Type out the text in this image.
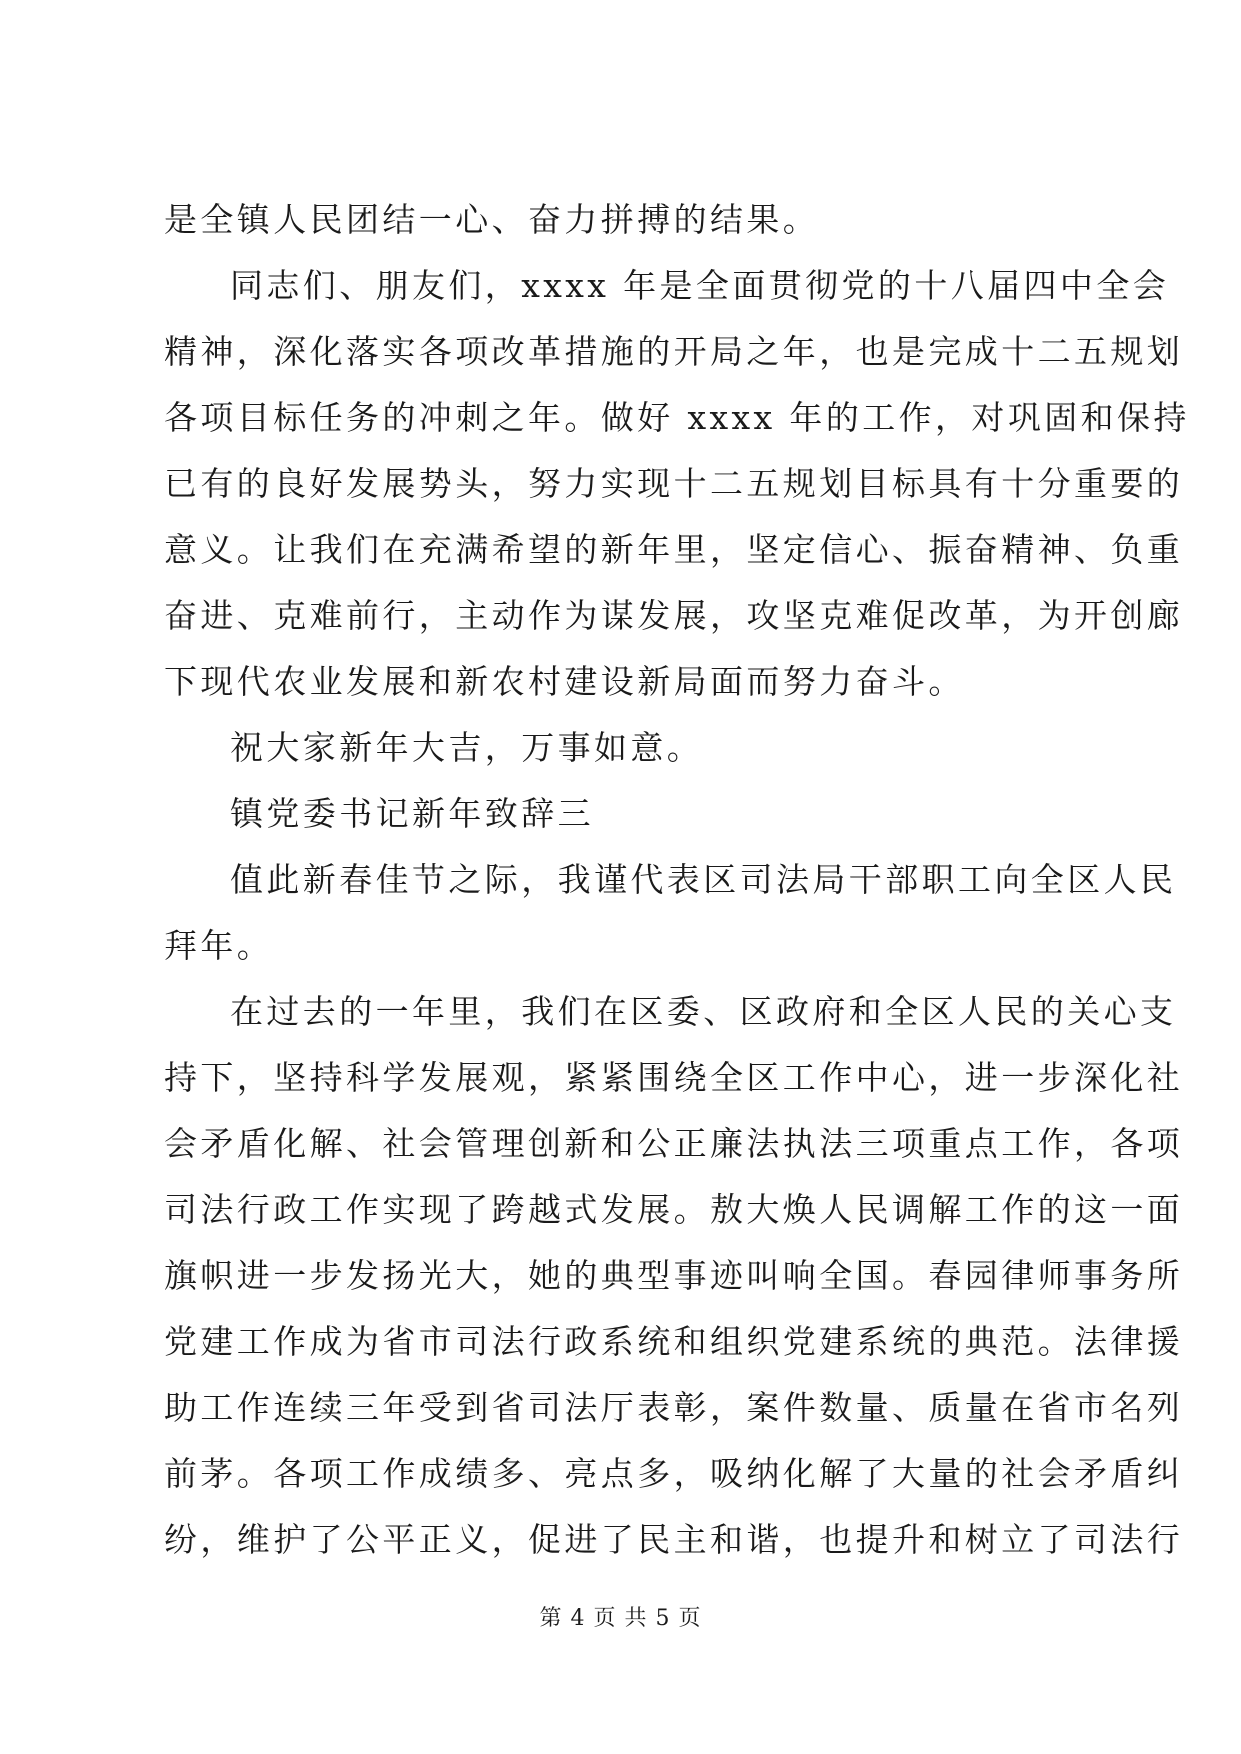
是全镇人民团结一心、奋力拼搏的结果。
同志们、朋友们，xxxx 年是全面贯彻党的十八届四中全会
精神，深化落实各项改革措施的开局之年，也是完成十二五规划
各项目标任务的冲刺之年。做好 xxxx 年的工作，对巩固和保持
已有的良好发展势头，努力实现十二五规划目标具有十分重要的
意义。让我们在充满希望的新年里，坚定信心、振奋精神、负重
奋进、克难前行，主动作为谋发展，攻坚克难促改革，为开创廊
下现代农业发展和新农村建设新局面而努力奋斗。
祝大家新年大吉，万事如意。
镇党委书记新年致辞三
值此新春佳节之际，我谨代表区司法局干部职工向全区人民
拜年。
在过去的一年里，我们在区委、区政府和全区人民的关心支
持下，坚持科学发展观，紧紧围绕全区工作中心，进一步深化社
会矛盾化解、社会管理创新和公正廉法执法三项重点工作，各项
司法行政工作实现了跨越式发展。敖大焕人民调解工作的这一面
旗帜进一步发扬光大，她的典型事迹叫响全国。春园律师事务所
党建工作成为省市司法行政系统和组织党建系统的典范。法律援
助工作连续三年受到省司法厅表彰，案件数量、质量在省市名列
前茅。各项工作成绩多、亮点多，吸纳化解了大量的社会矛盾纠
纷，维护了公平正义，促进了民主和谐，也提升和树立了司法行
第 4 页 共 5 页
